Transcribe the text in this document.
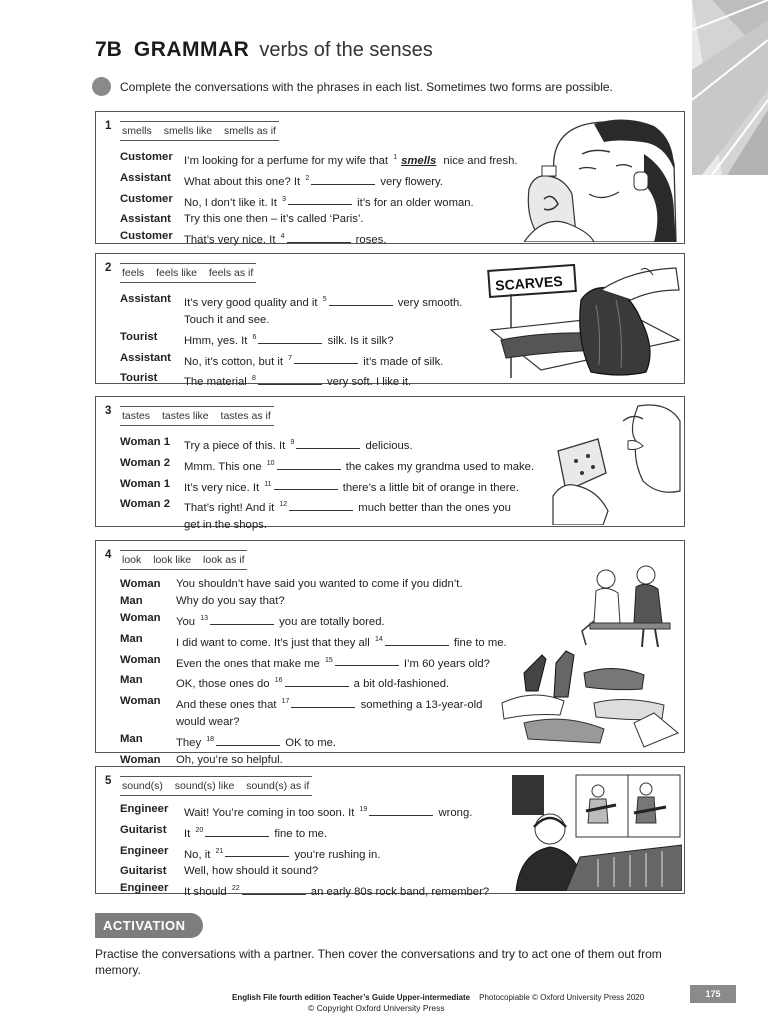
7B GRAMMAR verbs of the senses
Complete the conversations with the phrases in each list. Sometimes two forms are possible.
1 smells smells like smells as if
Customer I’m looking for a perfume for my wife that $^1$ smells nice and fresh.
Assistant	What about this one? It $^2$	very flowery.
Customer No, I don’t like it. It $^3$	it’s for an older woman.
Assistant	Try this one then – it’s called ‘Paris’.
Customer That’s very nice. It $^4$	roses.
2 feels feels like feels as if
Assistant	It’s very good quality and it $^5$	very smooth.
Touch it and see.
Tourist	Hmm, yes. It $^6$	silk. Is it silk?
Assistant	No, it’s cotton, but it $^7$	it’s made of silk.
Tourist	The material $^8$	very soft. I like it.
SCARVES
3 tastes tastes like tastes as if
Woman 1	Try a piece of this. It $^9$	delicious.
Woman 2	Mmm. This one $^{10}$	the cakes my grandma used to make.
Woman 1	It’s very nice. It $^{11}$	there’s a little bit of orange in there.
Woman 2	That’s right! And it $^{12}$	much better than the ones you
get in the shops.
4 look look like look as if
Woman	You shouldn’t have said you wanted to come if you didn’t.
Man	Why do you say that?
Woman	You $^{13}$	you are totally bored.
Man	I did want to come. It’s just that they all $^{14}$	fine to me.
Woman	Even the ones that make me $^{15}$	I’m 60 years old?
Man	OK, those ones do $^{16}$	a bit old-fashioned.
Woman	And these ones that $^{17}$	something a 13-year-old
would wear?
Man	They $^{18}$	OK to me.
Woman	Oh, you’re so helpful.
5 sound(s) sound(s) like sound(s) as if
Engineer	Wait! You’re coming in too soon. It $^{19}$	wrong.
Guitarist	It $^{20}$	fine to me.
Engineer	No, it $^{21}$	you’re rushing in.
Guitarist	Well, how should it sound?
Engineer	It should $^{22}$	an early 80s rock band, remember?
ACTIVATION
Practise the conversations with a partner. Then cover the conversations and try to act one of them out from memory.
English File fourth edition Teacher’s Guide Upper-intermediate Photocopiable © Oxford University Press 2020
© Copyright Oxford University Press
175
